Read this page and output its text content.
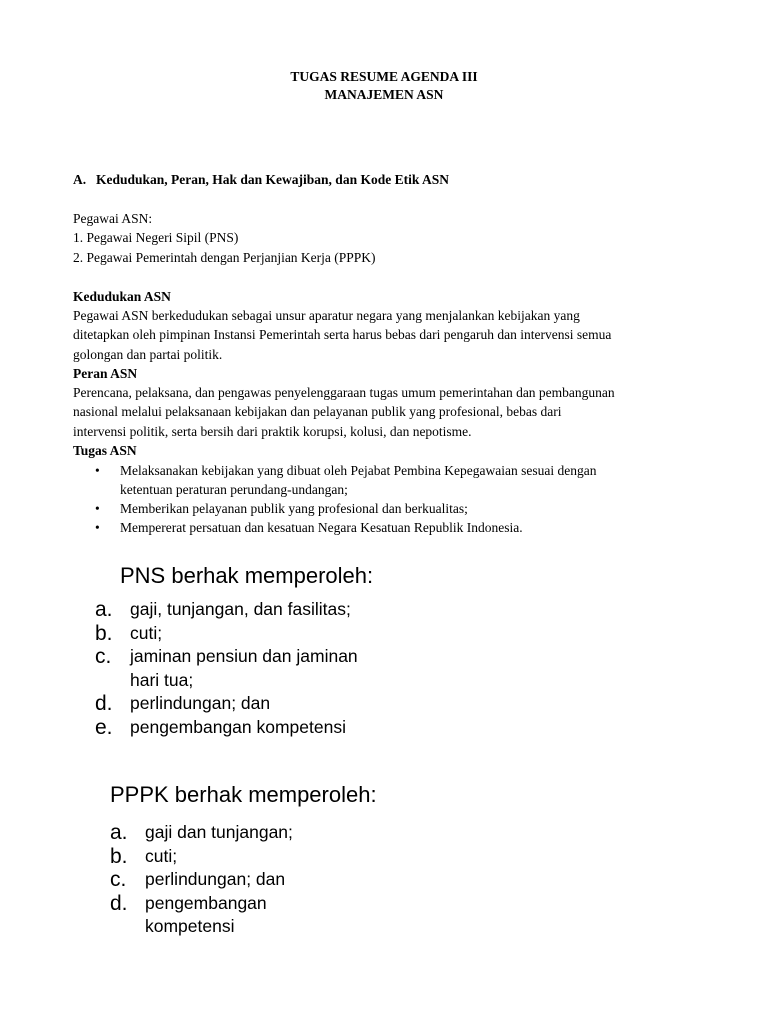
TUGAS RESUME AGENDA III
MANAJEMEN ASN
A. Kedudukan, Peran, Hak dan Kewajiban, dan Kode Etik ASN
Pegawai ASN:
1. Pegawai Negeri Sipil (PNS)
2. Pegawai Pemerintah dengan Perjanjian Kerja (PPPK)
Kedudukan ASN
Pegawai ASN berkedudukan sebagai unsur aparatur negara yang menjalankan kebijakan yang
ditetapkan oleh pimpinan Instansi Pemerintah serta harus bebas dari pengaruh dan intervensi semua
golongan dan partai politik.
Peran ASN
Perencana, pelaksana, dan pengawas penyelenggaraan tugas umum pemerintahan dan pembangunan
nasional melalui pelaksanaan kebijakan dan pelayanan publik yang profesional, bebas dari
intervensi politik, serta bersih dari praktik korupsi, kolusi, dan nepotisme.
Tugas ASN
• Melaksanakan kebijakan yang dibuat oleh Pejabat Pembina Kepegawaian sesuai dengan
ketentuan peraturan perundang-undangan;
• Memberikan pelayanan publik yang profesional dan berkualitas;
• Mempererat persatuan dan kesatuan Negara Kesatuan Republik Indonesia.
PNS berhak memperoleh:
a. gaji, tunjangan, dan fasilitas;
b. cuti;
c. jaminan pensiun dan jaminan
hari tua;
d. perlindungan; dan
e. pengembangan kompetensi
PPPK berhak memperoleh:
a. gaji dan tunjangan;
b. cuti;
c. perlindungan; dan
d. pengembangan
kompetensi
